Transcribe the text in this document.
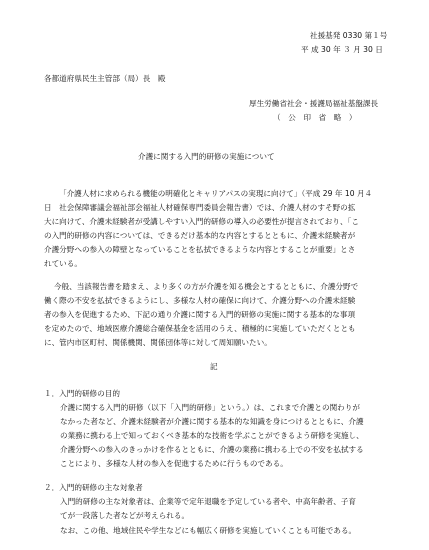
社援基発 0330 第１号
平 成 30 年 ３ 月 30 日
各都道府県民生主管部（局）長　殿
厚生労働省社会・援護局福祉基盤課長
（　公　印　省　略　）
介護に関する入門的研修の実施について
「介護人材に求められる機能の明確化とキャリアパスの実現に向けて」（平成 29 年 10 月４
日　社会保障審議会福祉部会福祉人材確保専門委員会報告書）では、介護人材のすそ野の拡
大に向けて、介護未経験者が受講しやすい入門的研修の導入の必要性が提言されており、「こ
の入門的研修の内容については、できるだけ基本的な内容とするとともに、介護未経験者が
介護分野への参入の障壁となっていることを払拭できるような内容とすることが重要」とさ
れている。
今般、当該報告書を踏まえ、より多くの方が介護を知る機会とするとともに、介護分野で
働く際の不安を払拭できるようにし、多様な人材の確保に向けて、介護分野への介護未経験
者の参入を促進するため、下記の通り介護に関する入門的研修の実施に関する基本的な事項
を定めたので、地域医療介護総合確保基金を活用のうえ、積極的に実施していただくととも
に、管内市区町村、関係機関、関係団体等に対して周知願いたい。
記
１．入門的研修の目的
介護に関する入門的研修（以下「入門的研修」という。）は、これまで介護との関わりが
なかった者など、介護未経験者が介護に関する基本的な知識を身につけるとともに、介護
の業務に携わる上で知っておくべき基本的な技術を学ぶことができるよう研修を実施し、
介護分野への参入のきっかけを作るとともに、介護の業務に携わる上での不安を払拭する
ことにより、多様な人材の参入を促進するために行うものである。
２．入門的研修の主な対象者
入門的研修の主な対象者は、企業等で定年退職を予定している者や、中高年齢者、子育
てが一段落した者などが考えられる。
なお、この他、地域住民や学生などにも幅広く研修を実施していくことも可能である。
